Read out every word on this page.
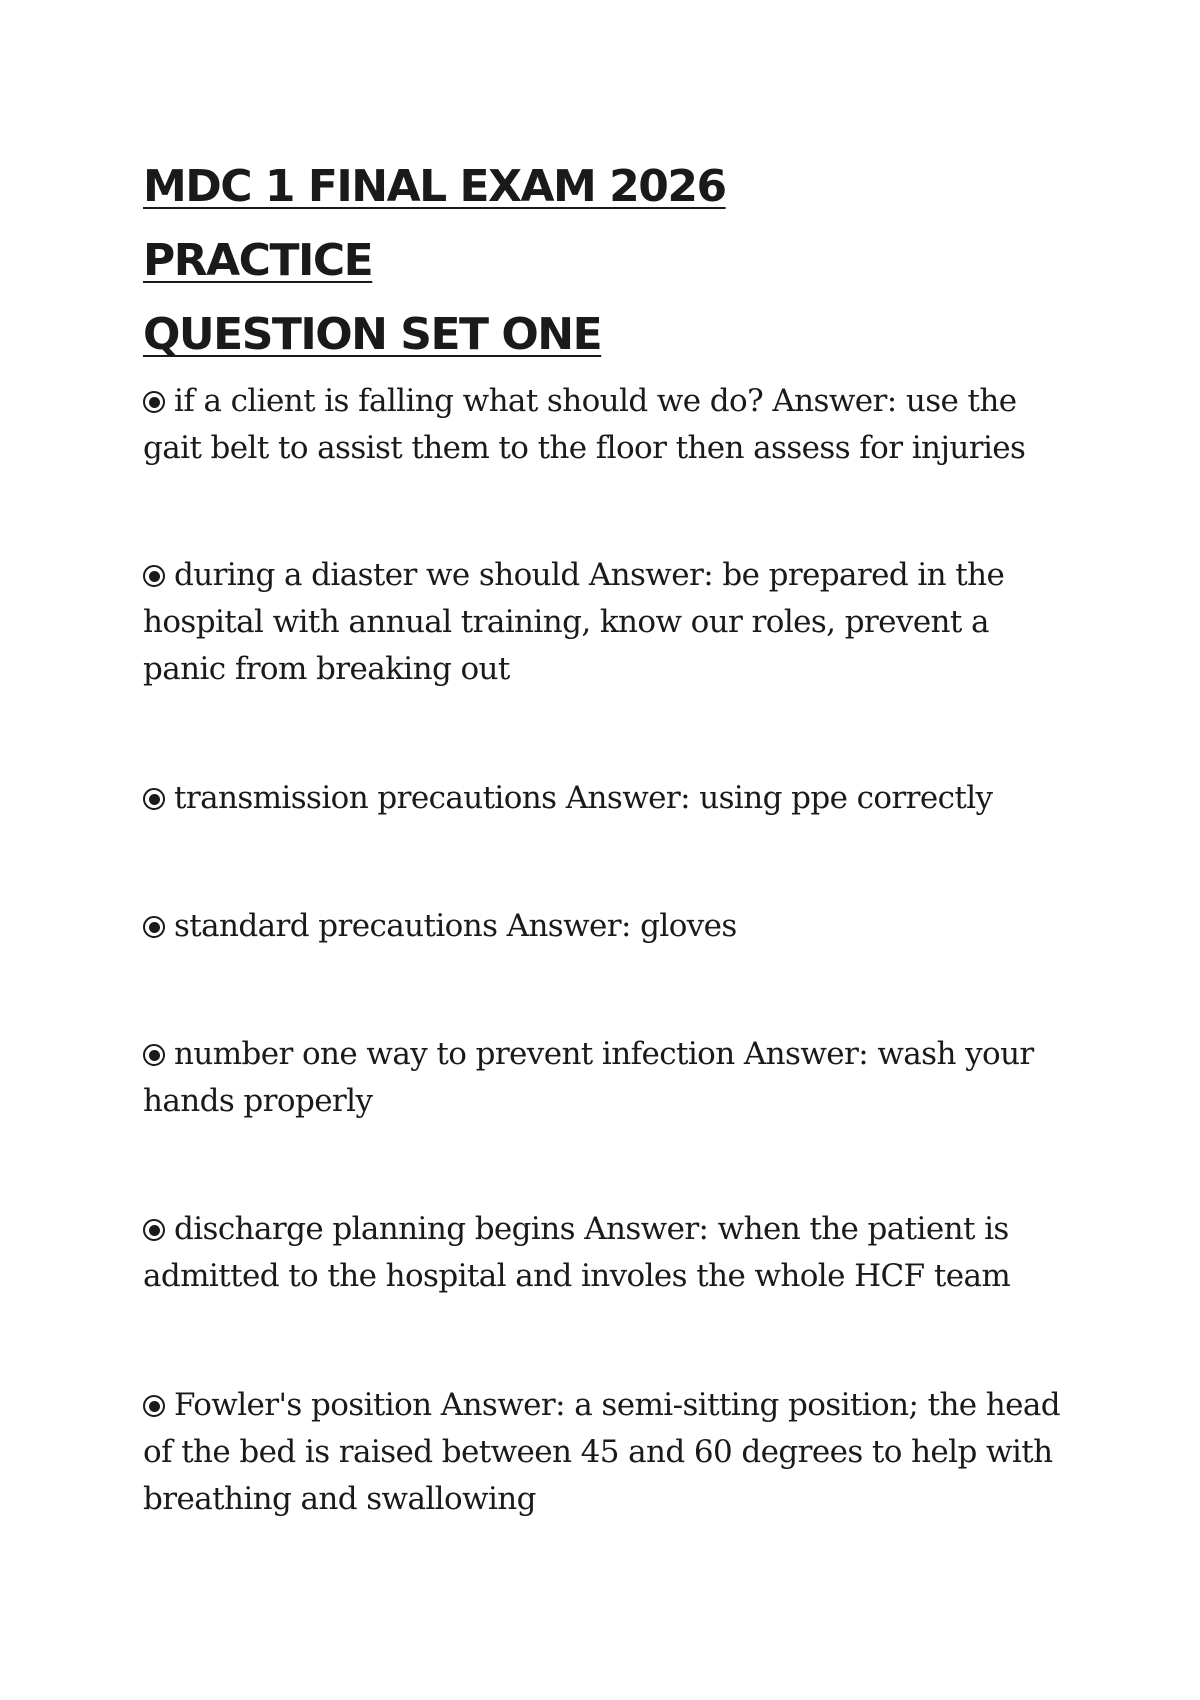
MDC 1 FINAL EXAM 2026 PRACTICE
QUESTION SET ONE
if a client is falling what should we do? Answer: use the gait belt to assist them to the floor then assess for injuries
during a diaster we should Answer: be prepared in the hospital with annual training, know our roles, prevent a panic from breaking out
transmission precautions Answer: using ppe correctly
standard precautions Answer: gloves
number one way to prevent infection Answer: wash your hands properly
discharge planning begins Answer: when the patient is admitted to the hospital and involes the whole HCF team
Fowler's position Answer: a semi-sitting position; the head of the bed is raised between 45 and 60 degrees to help with breathing and swallowing
